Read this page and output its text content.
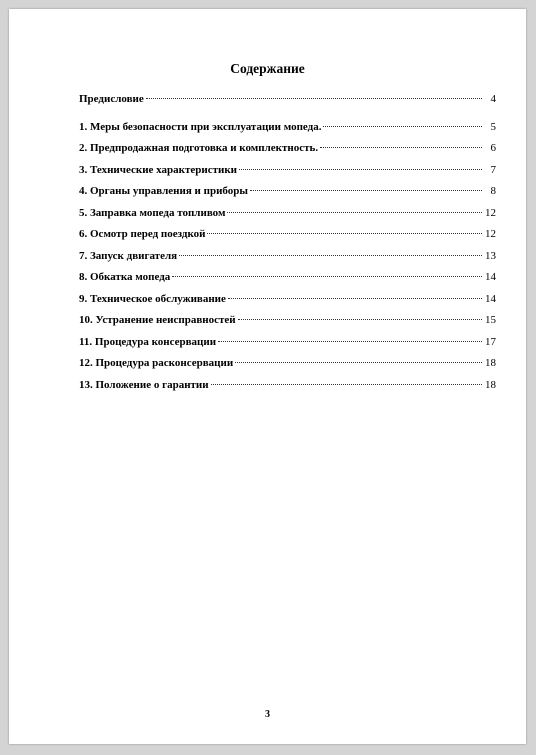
Содержание
Предисловие	4
1. Меры безопасности при эксплуатации мопеда.	5
2. Предпродажная подготовка и комплектность.	6
3. Технические характеристики	7
4. Органы управления и приборы	8
5. Заправка мопеда топливом	12
6. Осмотр перед поездкой	12
7. Запуск двигателя	13
8. Обкатка мопеда	14
9. Техническое обслуживание	14
10. Устранение неисправностей	15
11. Процедура консервации	17
12. Процедура расконсервации	18
13. Положение о гарантии	18
3
